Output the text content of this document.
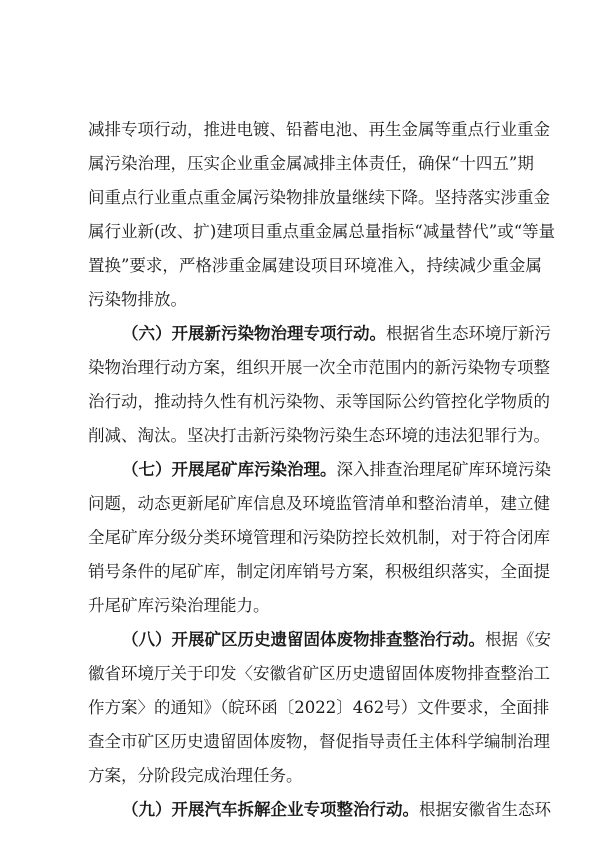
减排专项行动，推进电镀、铅蓄电池、再生金属等重点行业重金
属污染治理，压实企业重金属减排主体责任，确保“十四五”期
间重点行业重点重金属污染物排放量继续下降。坚持落实涉重金
属行业新(改、扩)建项目重点重金属总量指标“减量替代”或“等量
置换”要求，严格涉重金属建设项目环境准入，持续减少重金属
污染物排放。
（六）开展新污染物治理专项行动。根据省生态环境厅新污
染物治理行动方案，组织开展一次全市范围内的新污染物专项整
治行动，推动持久性有机污染物、汞等国际公约管控化学物质的
削减、淘汰。坚决打击新污染物污染生态环境的违法犯罪行为。
（七）开展尾矿库污染治理。深入排查治理尾矿库环境污染
问题，动态更新尾矿库信息及环境监管清单和整治清单，建立健
全尾矿库分级分类环境管理和污染防控长效机制，对于符合闭库
销号条件的尾矿库，制定闭库销号方案，积极组织落实，全面提
升尾矿库污染治理能力。
（八）开展矿区历史遗留固体废物排查整治行动。根据《安
徽省环境厅关于印发〈安徽省矿区历史遗留固体废物排查整治工
作方案〉的通知》（皖环函〔2022〕462号）文件要求，全面排
查全市矿区历史遗留固体废物，督促指导责任主体科学编制治理
方案，分阶段完成治理任务。
（九）开展汽车拆解企业专项整治行动。根据安徽省生态环
